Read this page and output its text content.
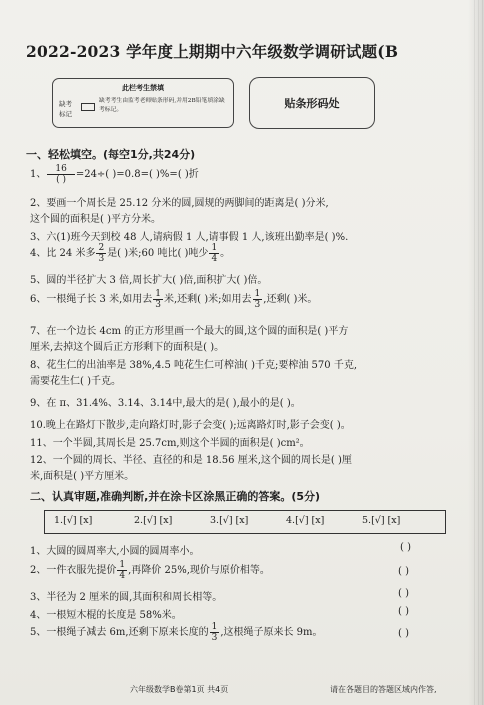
2022-2023 学年度上期期中六年级数学调研试题(B
此栏考生禁填
缺考标记
缺考考生由监考老师贴条形码,并用2B铅笔填涂缺考标记。	贴条形码处
一、轻松填空。(每空1分,共24分)
1、 $\frac{16}{( )} =24\div$( )=0.8=( )%=( )折
2、要画一个周长是 25.12 分米的圆,圆规的两脚间的距离是( )分米,
这个圆的面积是( )平方分米。
3、六(1)班今天到校 48 人,请病假 1 人,请事假 1 人,该班出勤率是( )%.
4、比 24 米多 $\frac{2}{3}$ 是( )米;60 吨比( )吨少 $\frac{1}{4}$ 。
5、圆的半径扩大 3 倍,周长扩大( )倍,面积扩大( )倍。
6、一根绳子长 3 米,如用去 $\frac{1}{3}$ 米,还剩( )米;如用去 $\frac{1}{3}$ ,还剩( )米。
7、在一个边长 4cm 的正方形里画一个最大的圆,这个圆的面积是( )平方
厘米,去掉这个圆后正方形剩下的面积是( )。
8、花生仁的出油率是 38%,4.5 吨花生仁可榨油( )千克;要榨油 570 千克,
需要花生仁( )千克。
9、在 π、31.4%、3.14、3.14̇中,最大的是( ),最小的是( )。
10.晚上在路灯下散步,走向路灯时,影子会变( );远离路灯时,影子会变( )。
11、一个半圆,其周长是 25.7cm,则这个半圆的面积是( )cm²。
12、一个圆的周长、半径、直径的和是 18.56 厘米,这个圆的周长是( )厘
米,面积是( )平方厘米。
二、认真审题,准确判断,并在涂卡区涂黑正确的答案。(5分)
1.[√] [x]	2.[√] [x]	3.[√] [x]	4.[√] [x]	5.[√] [x]
1、大圆的圆周率大,小圆的圆周率小。	( )
2、一件衣服先提价 $\frac{1}{4}$ ,再降价 25%,现价与原价相等。	( )
3、半径为 2 厘米的圆,其面积和周长相等。	( )
4、一根短木棍的长度是 58%米。	( )
5、一根绳子减去 6m,还剩下原来长度的 $\frac{1}{3}$ ,这根绳子原来长 9m。	( )
六年级数学B卷第1页 共4页	请在各题目的答题区域内作答,
